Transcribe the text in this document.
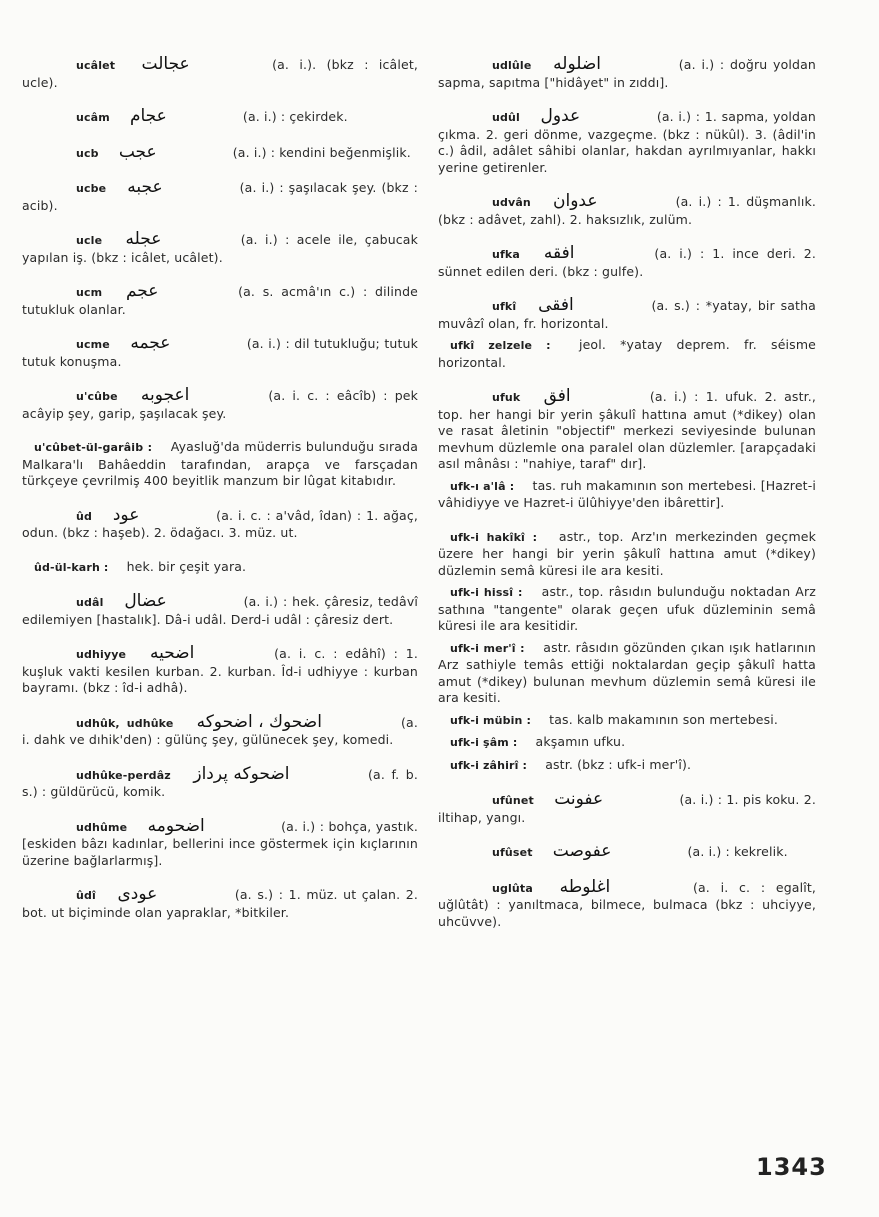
ucâlet عجالت	(a. i.). (bkz : icâlet, ucle).
ucâm عجام	(a. i.) : çekirdek.
ucb عجب	(a. i.) : kendini beğenmişlik.
ucbe عجبه	(a. i.) : şaşılacak şey. (bkz : acib).
ucle عجله	(a. i.) : acele ile, çabucak yapılan iş. (bkz : icâlet, ucâlet).
ucm عجم	(a. s. acmâ'ın c.) : dilinde tutukluk olanlar.
ucme عجمه	(a. i.) : dil tutukluğu; tutuk tutuk konuşma.
u'cûbe اعجوبه	(a. i. c. : eâcîb) : pek acâyip şey, garip, şaşılacak şey.
u'cûbet-ül-garâib : Ayasluğ'da müderris bulunduğu sırada Malkara'lı Bahâeddin tarafından, arapça ve farsçadan türkçeye çevrilmiş 400 beyitlik manzum bir lûgat kitabıdır.
ûd عود	(a. i. c. : a'vâd, îdan) : 1. ağaç, odun. (bkz : haşeb). 2. ödağacı. 3. müz. ut.
ûd-ül-karh : hek. bir çeşit yara.
udâl عضال	(a. i.) : hek. çâresiz, tedâvî edilemiyen [hastalık]. Dâ-i udâl. Derd-i udâl : çâresiz dert.
udhiyye اضحيه	(a. i. c. : edâhî) : 1. kuşluk vakti kesilen kurban. 2. kurban. Îd-i udhiyye : kurban bayramı. (bkz : îd-i adhâ).
udhûk, udhûke اضحوك ، اضحوكه	(a. i. dahk ve dıhik'den) : gülünç şey, gülünecek şey, komedi.
udhûke-perdâz اضحوكه پرداز	(a. f. b. s.) : güldürücü, komik.
udhûme اضحومه	(a. i.) : bohça, yastık. [eskiden bâzı kadınlar, bellerini ince göstermek için kıçlarının üzerine bağlarlarmış].
ûdî عودى	(a. s.) : 1. müz. ut çalan. 2. bot. ut biçiminde olan yapraklar, *bitkiler.
udlûle اضلوله	(a. i.) : doğru yoldan sapma, sapıtma ["hidâyet" in zıddı].
udûl عدول	(a. i.) : 1. sapma, yoldan çıkma. 2. geri dönme, vazgeçme. (bkz : nükûl). 3. (âdil'in c.) âdil, adâlet sâhibi olanlar, hakdan ayrılmıyanlar, hakkı yerine getirenler.
udvân عدوان	(a. i.) : 1. düşmanlık. (bkz : adâvet, zahl). 2. haksızlık, zulüm.
ufka افقه	(a. i.) : 1. ince deri. 2. sünnet edilen deri. (bkz : gulfe).
ufkî افقى	(a. s.) : *yatay, bir satha muvâzî olan, fr. horizontal.
ufkî zelzele : jeol. *yatay deprem. fr. séisme horizontal.
ufuk افق	(a. i.) : 1. ufuk. 2. astr., top. her hangi bir yerin şâkulî hattına amut (*dikey) olan ve rasat âletinin "objectif" merkezi seviyesinde bulunan mevhum düzlemle ona paralel olan düzlemler. [arapçadaki asıl mânâsı : "nahiye, taraf" dır].
ufk-ı a'lâ : tas. ruh makamının son mertebesi. [Hazret-i vâhidiyye ve Hazret-i ülûhiyye'den ibârettir].
ufk-i hakîkî : astr., top. Arz'ın merkezinden geçmek üzere her hangi bir yerin şâkulî hattına amut (*dikey) düzlemin semâ küresi ile ara kesiti.
ufk-i hissî : astr., top. râsıdın bulunduğu noktadan Arz sathına "tangente" olarak geçen ufuk düzleminin semâ küresi ile ara kesitidir.
ufk-i mer'î : astr. râsıdın gözünden çıkan ışık hatlarının Arz sathiyle temâs ettiği noktalardan geçip şâkulî hatta amut (*dikey) bulunan mevhum düzlemin semâ küresi ile ara kesiti.
ufk-i mübin : tas. kalb makamının son mertebesi.
ufk-i şâm : akşamın ufku.
ufk-i zâhirî : astr. (bkz : ufk-i mer'î).
ufûnet عفونت	(a. i.) : 1. pis koku. 2. iltihap, yangı.
ufûset عفوصت	(a. i.) : kekrelik.
uglûta اغلوطه	(a. i. c. : egalît, uğlûtât) : yanıltmaca, bilmece, bulmaca (bkz : uhciyye, uhcüvve).
1343
